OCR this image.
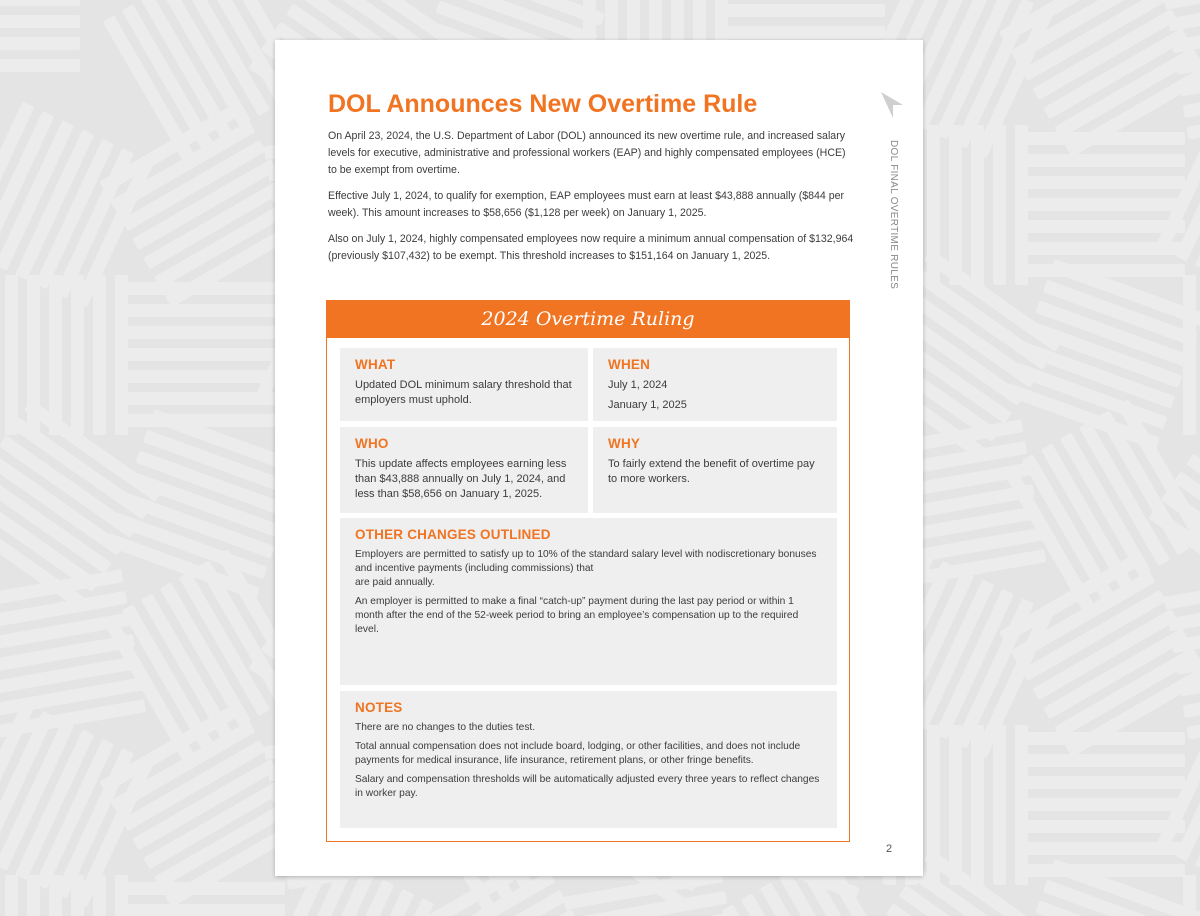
DOL Announces New Overtime Rule

On April 23, 2024, the U.S. Department of Labor (DOL) announced its new overtime rule, and increased salary levels for executive, administrative and professional workers (EAP) and highly compensated employees (HCE) to be exempt from overtime.

Effective July 1, 2024, to qualify for exemption, EAP employees must earn at least $43,888 annually ($844 per week). This amount increases to $58,656 ($1,128 per week) on January 1, 2025.

Also on July 1, 2024, highly compensated employees now require a minimum annual compensation of $132,964 (previously $107,432) to be exempt. This threshold increases to $151,164 on January 1, 2025.	DOL FINAL OVERTIME RULES
2024 Overtime Ruling
WHAT
Updated DOL minimum salary threshold that employers must uphold.
WHEN

July 1, 2024

January 1, 2025

WHO
This update affects employees earning less than $43,888 annually on July 1, 2024, and less than $58,656 on January 1, 2025.
WHY
To fairly extend the benefit of overtime pay to more workers.
OTHER CHANGES OUTLINED

Employers are permitted to satisfy up to 10% of the standard salary level with nodiscretionary bonuses and incentive payments (including commissions) that

are paid annually.

An employer is permitted to make a final “catch-up” payment during the last pay period or within 1 month after the end of the 52-week period to bring an employee’s compensation up to the required level.

NOTES

There are no changes to the duties test.

Total annual compensation does not include board, lodging, or other facilities, and does not include payments for medical insurance, life insurance, retirement plans, or other fringe benefits.

Salary and compensation thresholds will be automatically adjusted every three years to reflect changes in worker pay.

2
